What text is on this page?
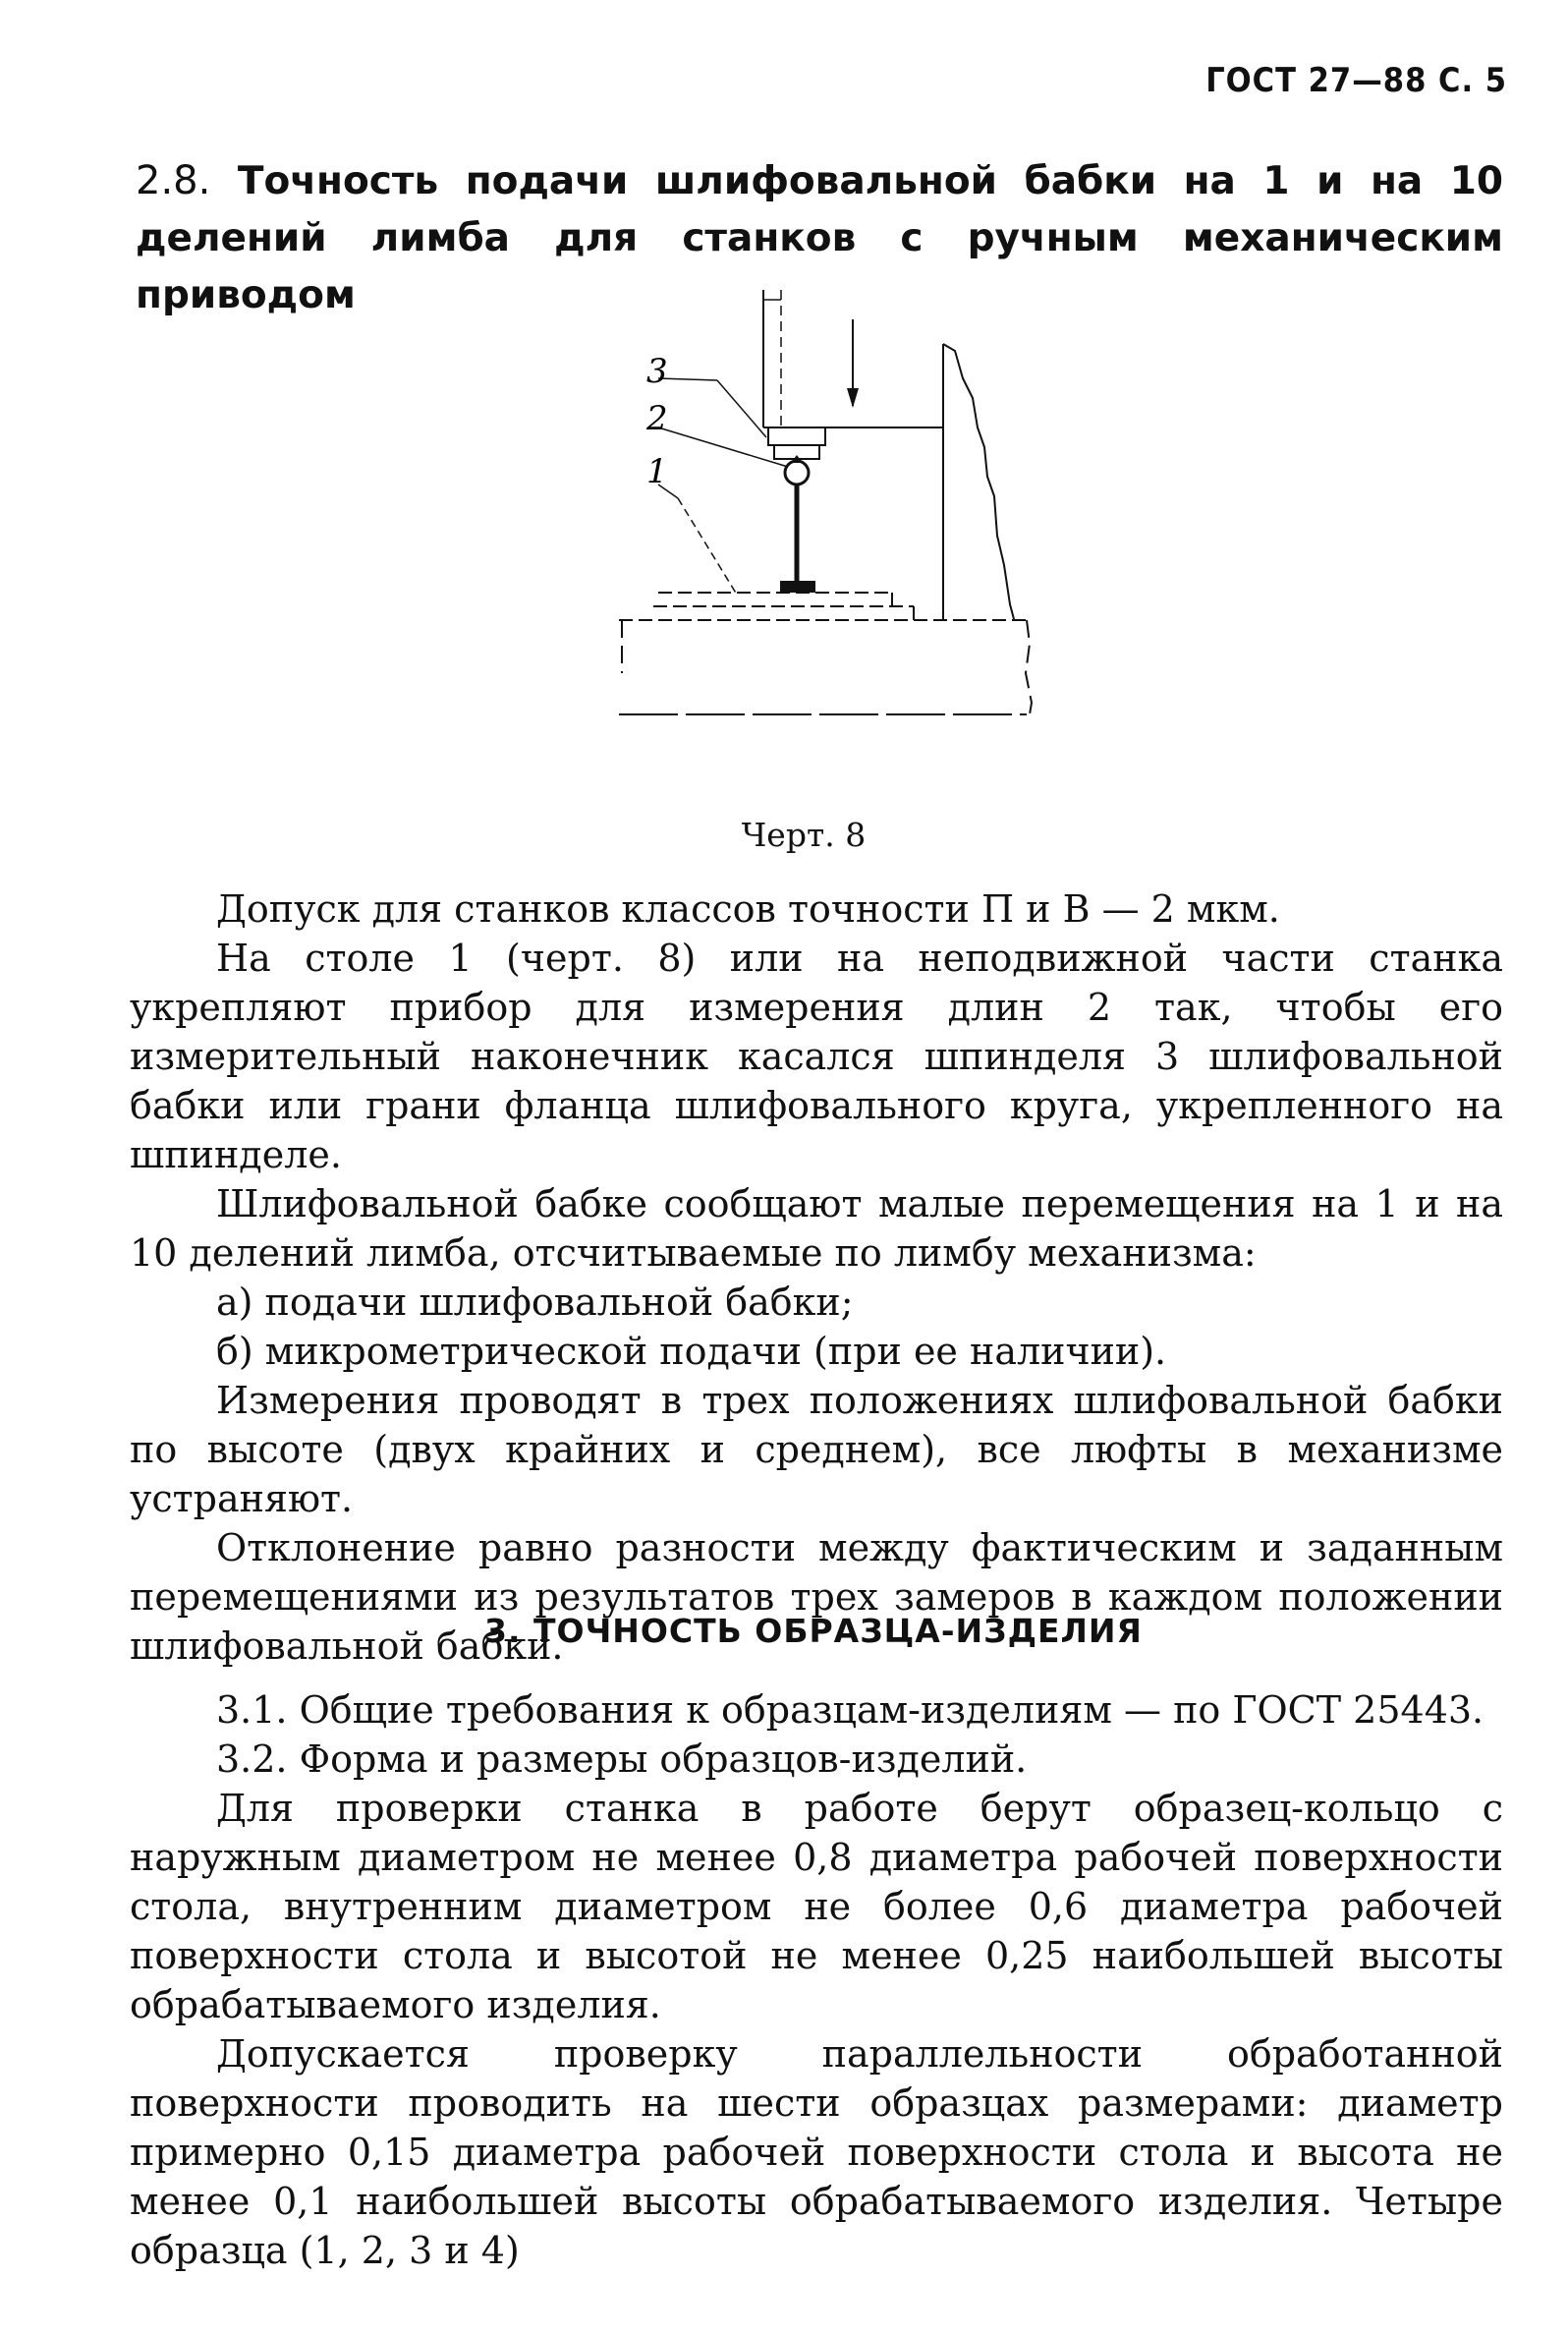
ГОСТ 27—88 С. 5
2.8. Точность подачи шлифовальной бабки на 1 и на 10 делений лимба для станков с ручным механическим приводом
3
2
1
Черт. 8

Допуск для станков классов точности П и В — 2 мкм.

На столе 1 (черт. 8) или на неподвижной части станка укрепляют прибор для измерения длин 2 так, чтобы его измерительный наконечник касался шпинделя 3 шлифовальной бабки или грани фланца шлифовального круга, укрепленного на шпинделе.

Шлифовальной бабке сообщают малые перемещения на 1 и на 10 делений лимба, отсчитываемые по лимбу механизма:

а) подачи шлифовальной бабки;

б) микрометрической подачи (при ее наличии).

Измерения проводят в трех положениях шлифовальной бабки по высоте (двух крайних и среднем), все люфты в механизме устраняют.

Отклонение равно разности между фактическим и заданным перемещениями из результатов трех замеров в каждом положении шлифовальной бабки.

3. ТОЧНОСТЬ ОБРАЗЦА-ИЗДЕЛИЯ

3.1. Общие требования к образцам-изделиям — по ГОСТ 25443.

3.2. Форма и размеры образцов-изделий.

Для проверки станка в работе берут образец-кольцо с наружным диаметром не менее 0,8 диаметра рабочей поверхности стола, внутренним диаметром не более 0,6 диаметра рабочей поверхности стола и высотой не менее 0,25 наибольшей высоты обрабатываемого изделия.

Допускается проверку параллельности обработанной поверхности проводить на шести образцах размерами: диаметр примерно 0,15 диаметра рабочей поверхности стола и высота не менее 0,1 наибольшей высоты обрабатываемого изделия. Четыре образца (1, 2, 3 и 4)
